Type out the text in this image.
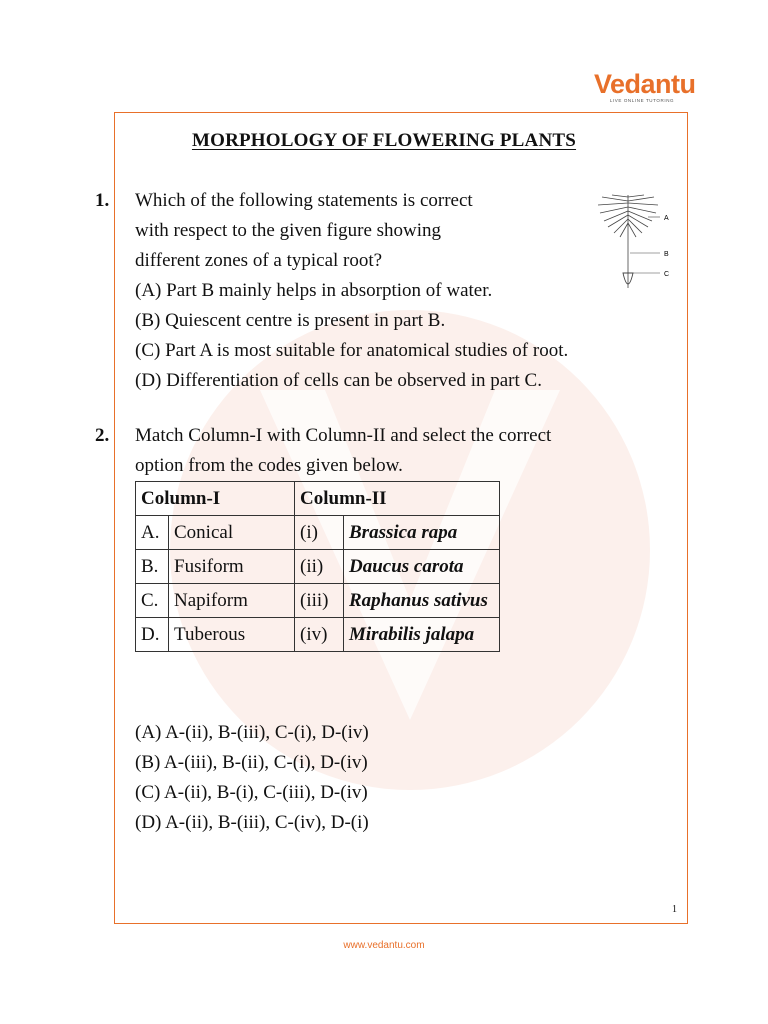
Vedantu
LIVE ONLINE TUTORING
MORPHOLOGY OF FLOWERING PLANTS
1. Which of the following statements is correct
with respect to the given figure showing
different zones of a typical root?
(A) Part B mainly helps in absorption of water.
(B) Quiescent centre is present in part B.
(C) Part A is most suitable for anatomical studies of root.
(D) Differentiation of cells can be observed in part C.
A
B
C
2. Match Column-I with Column-II and select the correct
option from the codes given below.
Column-I		Column-II	
A.	Conical	(i)	Brassica rapa
B.	Fusiform	(ii)	Daucus carota
C.	Napiform	(iii)	Raphanus sativus
D.	Tuberous	(iv)	Mirabilis jalapa
(A) A-(ii), B-(iii), C-(i), D-(iv)
(B) A-(iii), B-(ii), C-(i), D-(iv)
(C) A-(ii), B-(i), C-(iii), D-(iv)
(D) A-(ii), B-(iii), C-(iv), D-(i)
1
www.vedantu.com
